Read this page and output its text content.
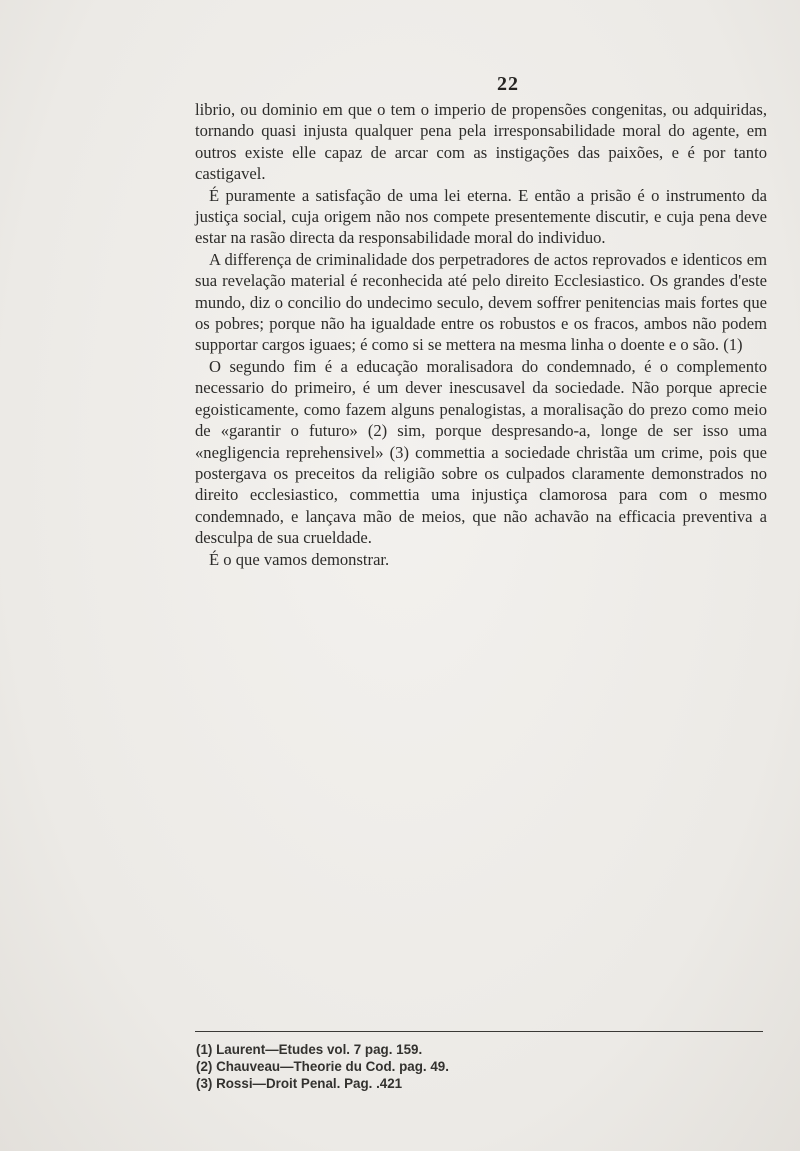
22

librio, ou dominio em que o tem o imperio de propensões congenitas, ou adquiridas, tornando quasi injusta qualquer pena pela irresponsabilidade moral do agente, em outros existe elle capaz de arcar com as instigações das paixões, e é por tanto castigavel.

É puramente a satisfação de uma lei eterna. E então a prisão é o instrumento da justiça social, cuja origem não nos compete presentemente discutir, e cuja pena deve estar na rasão directa da responsabilidade moral do individuo.

A differença de criminalidade dos perpetradores de actos reprovados e identicos em sua revelação material é reconhecida até pelo direito Ecclesiastico. Os grandes d'este mundo, diz o concilio do undecimo seculo, devem soffrer penitencias mais fortes que os pobres; porque não ha igualdade entre os robustos e os fracos, ambos não podem supportar cargos iguaes; é como si se mettera na mesma linha o doente e o são. (1)

O segundo fim é a educação moralisadora do condemnado, é o complemento necessario do primeiro, é um dever inescusavel da sociedade. Não porque aprecie egoisticamente, como fazem alguns penalogistas, a moralisação do prezo como meio de «garantir o futuro» (2) sim, porque despresando-a, longe de ser isso uma «negligencia reprehensivel» (3) commettia a sociedade christãa um crime, pois que postergava os preceitos da religião sobre os culpados claramente demonstrados no direito ecclesiastico, commettia uma injustiça clamorosa para com o mesmo condemnado, e lançava mão de meios, que não achavão na efficacia preventiva a desculpa de sua crueldade.

É o que vamos demonstrar.

(1) Laurent—Etudes vol. 7 pag. 159.
(2) Chauveau—Theorie du Cod. pag. 49.
(3) Rossi—Droit Penal. Pag. .421
